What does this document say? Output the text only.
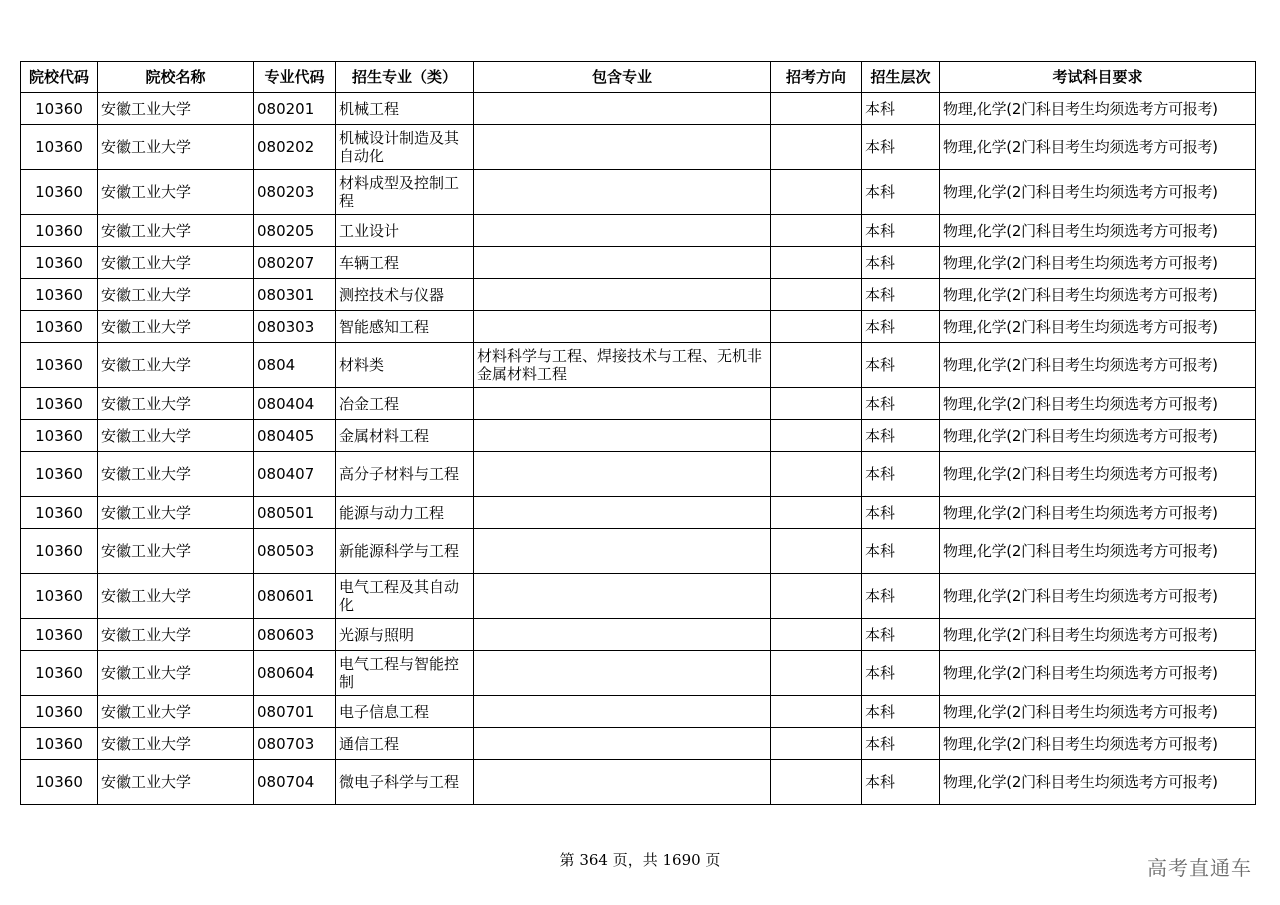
院校代码	院校名称	专业代码	招生专业（类）	包含专业	招考方向	招生层次	考试科目要求
10360	安徽工业大学	080201	机械工程			本科	物理,化学(2门科目考生均须选考方可报考)
10360	安徽工业大学	080202	机械设计制造及其自动化			本科	物理,化学(2门科目考生均须选考方可报考)
10360	安徽工业大学	080203	材料成型及控制工程			本科	物理,化学(2门科目考生均须选考方可报考)
10360	安徽工业大学	080205	工业设计			本科	物理,化学(2门科目考生均须选考方可报考)
10360	安徽工业大学	080207	车辆工程			本科	物理,化学(2门科目考生均须选考方可报考)
10360	安徽工业大学	080301	测控技术与仪器			本科	物理,化学(2门科目考生均须选考方可报考)
10360	安徽工业大学	080303	智能感知工程			本科	物理,化学(2门科目考生均须选考方可报考)
10360	安徽工业大学	0804	材料类	材料科学与工程、焊接技术与工程、无机非金属材料工程		本科	物理,化学(2门科目考生均须选考方可报考)
10360	安徽工业大学	080404	冶金工程			本科	物理,化学(2门科目考生均须选考方可报考)
10360	安徽工业大学	080405	金属材料工程			本科	物理,化学(2门科目考生均须选考方可报考)
10360	安徽工业大学	080407	高分子材料与工程			本科	物理,化学(2门科目考生均须选考方可报考)
10360	安徽工业大学	080501	能源与动力工程			本科	物理,化学(2门科目考生均须选考方可报考)
10360	安徽工业大学	080503	新能源科学与工程			本科	物理,化学(2门科目考生均须选考方可报考)
10360	安徽工业大学	080601	电气工程及其自动化			本科	物理,化学(2门科目考生均须选考方可报考)
10360	安徽工业大学	080603	光源与照明			本科	物理,化学(2门科目考生均须选考方可报考)
10360	安徽工业大学	080604	电气工程与智能控制			本科	物理,化学(2门科目考生均须选考方可报考)
10360	安徽工业大学	080701	电子信息工程			本科	物理,化学(2门科目考生均须选考方可报考)
10360	安徽工业大学	080703	通信工程			本科	物理,化学(2门科目考生均须选考方可报考)
10360	安徽工业大学	080704	微电子科学与工程			本科	物理,化学(2门科目考生均须选考方可报考)
第 364 页，共 1690 页	高考直通车
